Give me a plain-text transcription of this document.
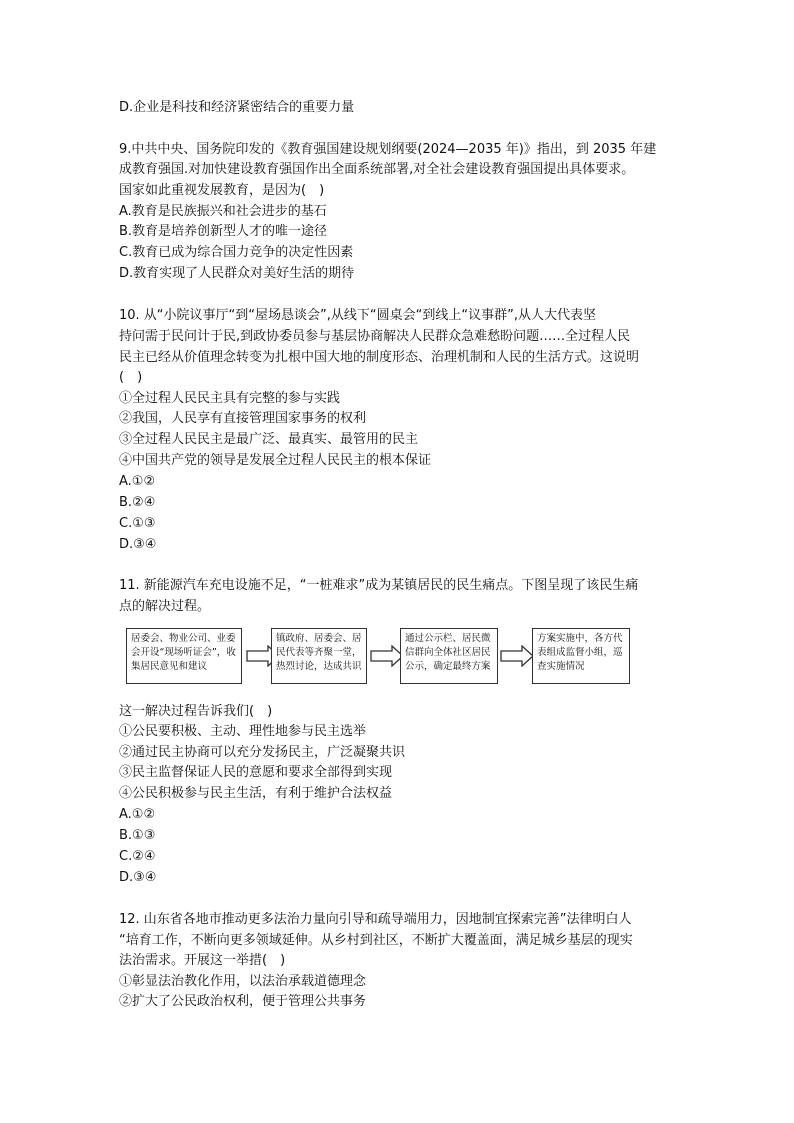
D.企业是科技和经济紧密结合的重要力量
9.中共中央、国务院印发的《教育强国建设规划纲要(2024—2035 年)》指出，到 2035 年建
成教育强国.对加快建设教育强国作出全面系统部署,对全社会建设教育强国提出具体要求。
国家如此重视发展教育，是因为(　)
A.教育是民族振兴和社会进步的基石
B.教育是培养创新型人才的唯一途径
C.教育已成为综合国力竞争的决定性因素
D.教育实现了人民群众对美好生活的期待
10. 从“小院议事厅“到“屋场恳谈会”,从线下“圆桌会“到线上“议事群”,从人大代表坚
持问需于民问计于民,到政协委员参与基层协商解决人民群众急难愁盼问题……全过程人民
民主已经从价值理念转变为扎根中国大地的制度形态、治理机制和人民的生活方式。这说明
(　)
①全过程人民民主具有完整的参与实践
②我国，人民享有直接管理国家事务的权利
③全过程人民民主是最广泛、最真实、最管用的民主
④中国共产党的领导是发展全过程人民民主的根本保证
A.①②
B.②④
C.①③
D.③④
11. 新能源汽车充电设施不足，“一桩难求”成为某镇居民的民生痛点。下图呈现了该民生痛
点的解决过程。
居委会、物业公司、业委会开设“现场听证会”，收集居民意见和建议
镇政府、居委会、居民代表等齐聚一堂，热烈讨论，达成共识
通过公示栏、居民微信群向全体社区居民公示，确定最终方案
方案实施中，各方代表组成监督小组，巡查实施情况
这一解决过程告诉我们(　)
①公民要积极、主动、理性地参与民主选举
②通过民主协商可以充分发扬民主，广泛凝聚共识
③民主监督保证人民的意愿和要求全部得到实现
④公民积极参与民主生活，有利于维护合法权益
A.①②
B.①③
C.②④
D.③④
12. 山东省各地市推动更多法治力量向引导和疏导端用力，因地制宜探索完善”法律明白人
“培育工作，不断向更多领域延伸。从乡村到社区，不断扩大覆盖面，满足城乡基层的现实
法治需求。开展这一举措(　)
①彰显法治教化作用，以法治承载道德理念
②扩大了公民政治权利，便于管理公共事务
